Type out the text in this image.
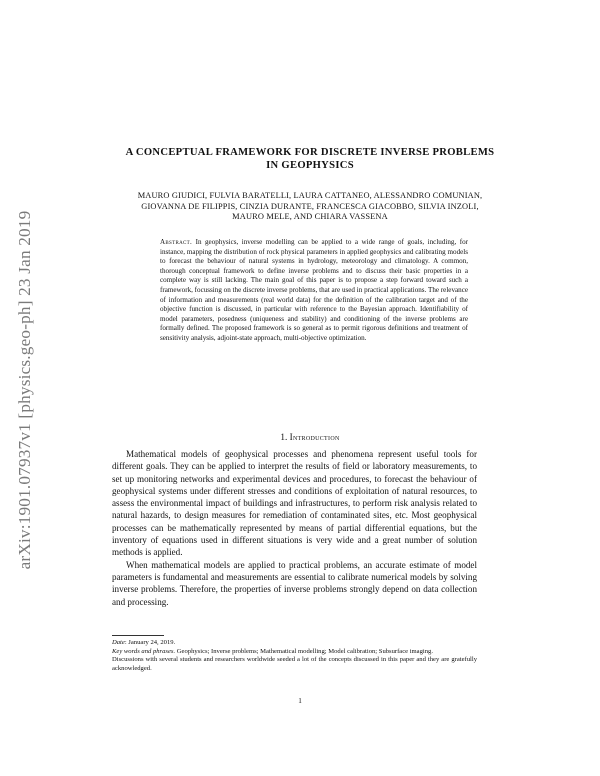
arXiv:1901.07937v1 [physics.geo-ph] 23 Jan 2019
A CONCEPTUAL FRAMEWORK FOR DISCRETE INVERSE PROBLEMS IN GEOPHYSICS
MAURO GIUDICI, FULVIA BARATELLI, LAURA CATTANEO, ALESSANDRO COMUNIAN, GIOVANNA DE FILIPPIS, CINZIA DURANTE, FRANCESCA GIACOBBO, SILVIA INZOLI, MAURO MELE, AND CHIARA VASSENA
Abstract. In geophysics, inverse modelling can be applied to a wide range of goals, including, for instance, mapping the distribution of rock physical parameters in applied geophysics and calibrating models to forecast the behaviour of natural systems in hydrology, meteorology and climatology. A common, thorough conceptual framework to define inverse problems and to discuss their basic properties in a complete way is still lacking. The main goal of this paper is to propose a step forward toward such a framework, focussing on the discrete inverse problems, that are used in practical applications. The relevance of information and measurements (real world data) for the definition of the calibration target and of the objective function is discussed, in particular with reference to the Bayesian approach. Identifiability of model parameters, posedness (uniqueness and stability) and conditioning of the inverse problems are formally defined. The proposed framework is so general as to permit rigorous definitions and treatment of sensitivity analysis, adjoint-state approach, multi-objective optimization.
1. Introduction

Mathematical models of geophysical processes and phenomena represent useful tools for different goals. They can be applied to interpret the results of field or laboratory measurements, to set up monitoring networks and experimental devices and procedures, to forecast the behaviour of geophysical systems under different stresses and conditions of exploitation of natural resources, to assess the environmental impact of buildings and infrastructures, to perform risk analysis related to natural hazards, to design measures for remediation of contaminated sites, etc. Most geophysical processes can be mathematically represented by means of partial differential equations, but the inventory of equations used in different situations is very wide and a great number of solution methods is applied.

When mathematical models are applied to practical problems, an accurate estimate of model parameters is fundamental and measurements are essential to calibrate numerical models by solving inverse problems. Therefore, the properties of inverse problems strongly depend on data collection and processing.

Date: January 24, 2019.

Key words and phrases. Geophysics; Inverse problems; Mathematical modelling; Model calibration; Subsurface imaging.

Discussions with several students and researchers worldwide seeded a lot of the concepts discussed in this paper and they are gratefully acknowledged.

1
